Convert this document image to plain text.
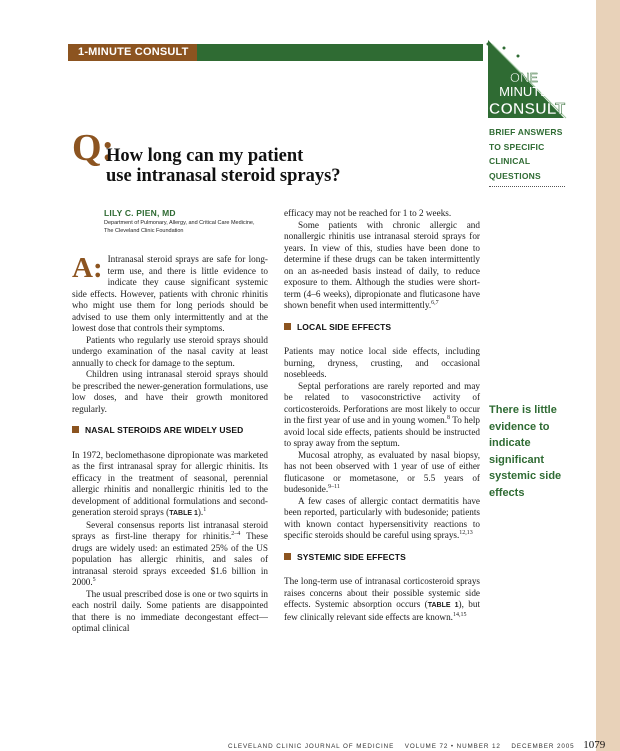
1-MINUTE CONSULT
ONE
MINUTE
CONSULT
BRIEF ANSWERS
TO SPECIFIC
CLINICAL
QUESTIONS
Q:
How long can my patient
use intranasal steroid sprays?
LILY C. PIEN, MD
Department of Pulmonary, Allergy, and Critical Care Medicine,
The Cleveland Clinic Foundation

A: Intranasal steroid sprays are safe for long-term use, and there is little evidence to indicate they cause significant systemic side effects. However, patients with chronic rhinitis who might use them for long periods should be advised to use them only intermittently and at the lowest dose that controls their symptoms.

Patients who regularly use steroid sprays should undergo examination of the nasal cavity at least annually to check for damage to the septum.

Children using intranasal steroid sprays should be prescribed the newer-generation formulations, use low doses, and have their growth monitored regularly.

NASAL STEROIDS ARE WIDELY USED

In 1972, beclomethasone dipropionate was marketed as the first intranasal spray for allergic rhinitis. Its efficacy in the treatment of seasonal, perennial allergic rhinitis and nonallergic rhinitis led to the development of additional formulations and second-generation steroid sprays (TABLE 1).$^1$

Several consensus reports list intranasal steroid sprays as first-line therapy for rhinitis.$^{2-4}$ These drugs are widely used: an estimated 25% of the US population has allergic rhinitis, and sales of intranasal steroid sprays exceeded $1.6 billion in 2000.$^5$

The usual prescribed dose is one or two squirts in each nostril daily. Some patients are disappointed that there is no immediate decongestant effect—optimal clinical

efficacy may not be reached for 1 to 2 weeks.

Some patients with chronic allergic and nonallergic rhinitis use intranasal steroid sprays for years. In view of this, studies have been done to determine if these drugs can be taken intermittently on an as-needed basis instead of daily, to reduce exposure to them. Although the studies were short-term (4–6 weeks), dipropionate and fluticasone have shown benefit when used intermittently.$^{6,7}$

LOCAL SIDE EFFECTS

Patients may notice local side effects, including burning, dryness, crusting, and occasional nosebleeds.

Septal perforations are rarely reported and may be related to vasoconstrictive activity of corticosteroids. Perforations are most likely to occur in the first year of use and in young women.$^8$ To help avoid local side effects, patients should be instructed to spray away from the septum.

Mucosal atrophy, as evaluated by nasal biopsy, has not been observed with 1 year of use of either fluticasone or mometasone, or 5.5 years of budesonide.$^{9-11}$

A few cases of allergic contact dermatitis have been reported, particularly with budesonide; patients with known contact hypersensitivity reactions to specific steroids should be careful using sprays.$^{12,13}$

SYSTEMIC SIDE EFFECTS

The long-term use of intranasal corticosteroid sprays raises concerns about their possible systemic side effects. Systemic absorption occurs (TABLE 1), but few clinically relevant side effects are known.$^{14,15}$

There is little
evidence to
indicate
significant
systemic side
effects
CLEVELAND CLINIC JOURNAL OF MEDICINE VOLUME 72 • NUMBER 12 DECEMBER 2005 1079
